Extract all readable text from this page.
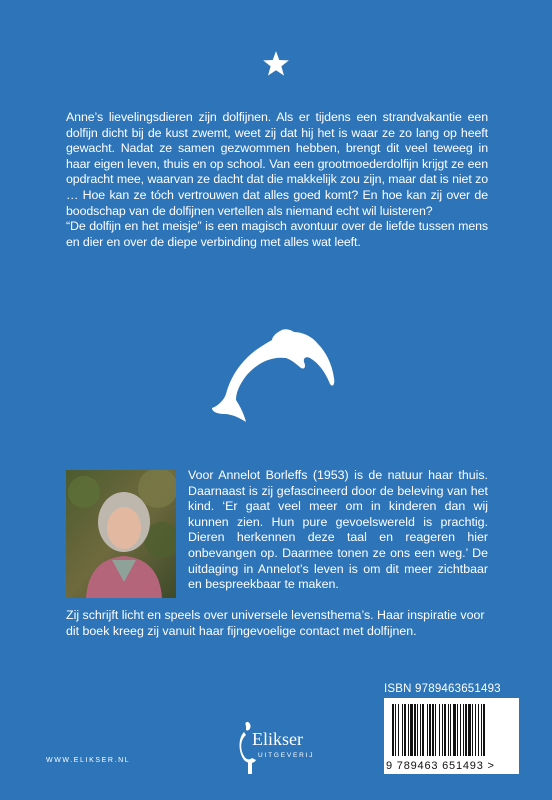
Anne’s lievelingsdieren zijn dolfijnen. Als er tijdens een strandvakantie een dolfijn dicht bij de kust zwemt, weet zij dat hij het is waar ze zo lang op heeft gewacht. Nadat ze samen gezwommen hebben, brengt dit veel teweeg in haar eigen leven, thuis en op school. Van een grootmoederdolfijn krijgt ze een opdracht mee, waarvan ze dacht dat die makkelijk zou zijn, maar dat is niet zo … Hoe kan ze tóch vertrouwen dat alles goed komt? En hoe kan zij over de boodschap van de dolfijnen vertellen als niemand echt wil luisteren?

“De dolfijn en het meisje” is een magisch avontuur over de liefde tussen mens en dier en over de diepe verbinding met alles wat leeft.

Voor Annelot Borleffs (1953) is de natuur haar thuis. Daarnaast is zij gefascineerd door de beleving van het kind. ‘Er gaat veel meer om in kinderen dan wij kunnen zien. Hun pure gevoelswereld is prachtig. Dieren herkennen deze taal en reageren hier onbevangen op. Daarmee tonen ze ons een weg.’ De uitdaging in Annelot’s leven is om dit meer zichtbaar en bespreekbaar te maken.

Zij schrijft licht en speels over universele levensthema’s. Haar inspiratie voor dit boek kreeg zij vanuit haar fijngevoelige contact met dolfijnen.

WWW.ELIKSER.NL
Elikser
UITGEVERIJ
ISBN 9789463651493
9 789463 651493 >
